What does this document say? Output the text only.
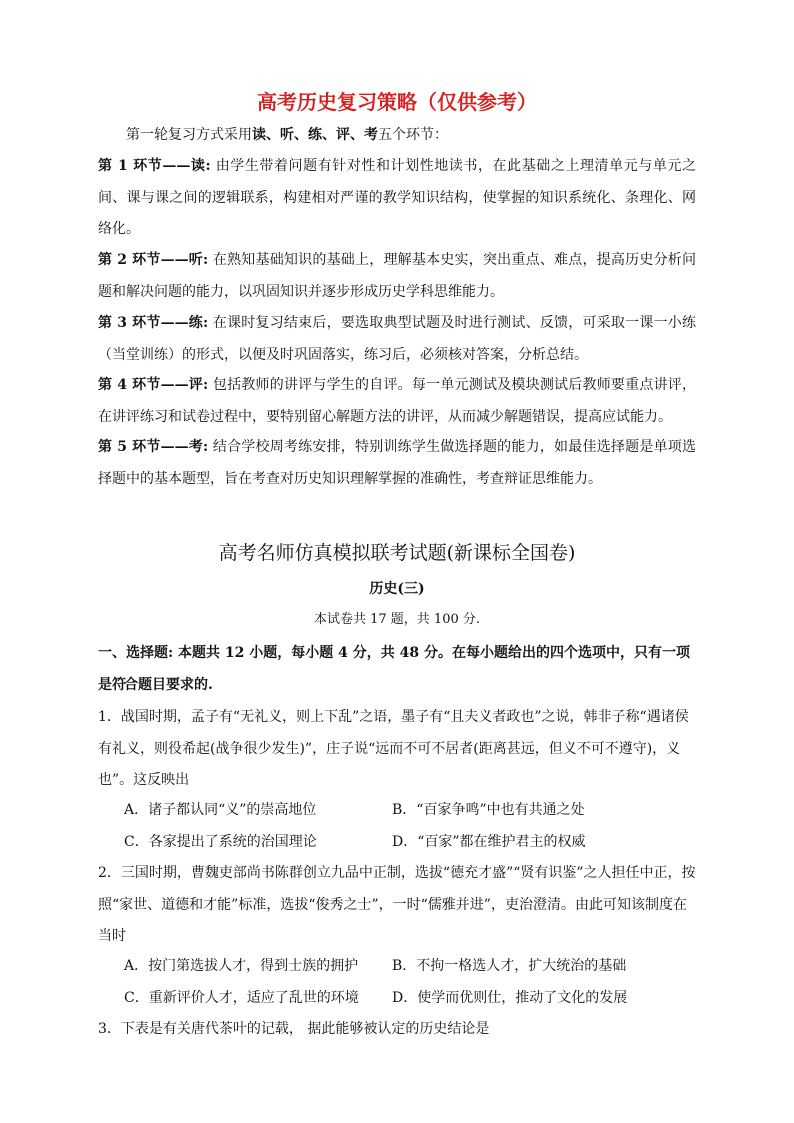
高考历史复习策略（仅供参考）
第一轮复习方式采用读、听、练、评、考五个环节：
第 1 环节——读: 由学生带着问题有针对性和计划性地读书，在此基础之上理清单元与单元之间、课与课之间的逻辑联系，构建相对严谨的教学知识结构，使掌握的知识系统化、条理化、网络化。
第 2 环节——听: 在熟知基础知识的基础上，理解基本史实，突出重点、难点，提高历史分析问题和解决问题的能力，以巩固知识并逐步形成历史学科思维能力。
第 3 环节——练: 在课时复习结束后，要选取典型试题及时进行测试、反馈，可采取一课一小练（当堂训练）的形式，以便及时巩固落实，练习后，必须核对答案，分析总结。
第 4 环节——评: 包括教师的讲评与学生的自评。每一单元测试及模块测试后教师要重点讲评，在讲评练习和试卷过程中，要特别留心解题方法的讲评，从而减少解题错误，提高应试能力。
第 5 环节——考: 结合学校周考练安排，特别训练学生做选择题的能力，如最佳选择题是单项选择题中的基本题型，旨在考查对历史知识理解掌握的准确性，考查辩证思维能力。
高考名师仿真模拟联考试题(新课标全国卷)
历史(三)
本试卷共 17 题，共 100 分.
一、选择题: 本题共 12 小题，每小题 4 分，共 48 分。在每小题给出的四个选项中，只有一项是符
合题目要求的.
1．战国时期，孟子有“无礼义，则上下乱”之语，墨子有“且夫义者政也”之说，韩非子称“遇诸侯有礼义，则役希起(战争很少发生)”，庄子说“远而不可不居者(距离甚远，但义不可不遵守)，义也”。这反映出
A．诸子都认同“义”的崇高地位	B．“百家争鸣”中也有共通之处
C．各家提出了系统的治国理论	D．“百家”都在维护君主的权威
2．三国时期，曹魏吏部尚书陈群创立九品中正制，选拔“德充才盛”“贤有识鉴”之人担任中正，按照“家世、道德和才能”标准，选拔“俊秀之士”，一时“儒雅并进”，吏治澄清。由此可知该制度在当时
A．按门第选拔人才，得到士族的拥护	B．不拘一格选人才，扩大统治的基础
C．重新评价人才，适应了乱世的环境	D．使学而优则仕，推动了文化的发展
3．下表是有关唐代茶叶的记载， 据此能够被认定的历史结论是
